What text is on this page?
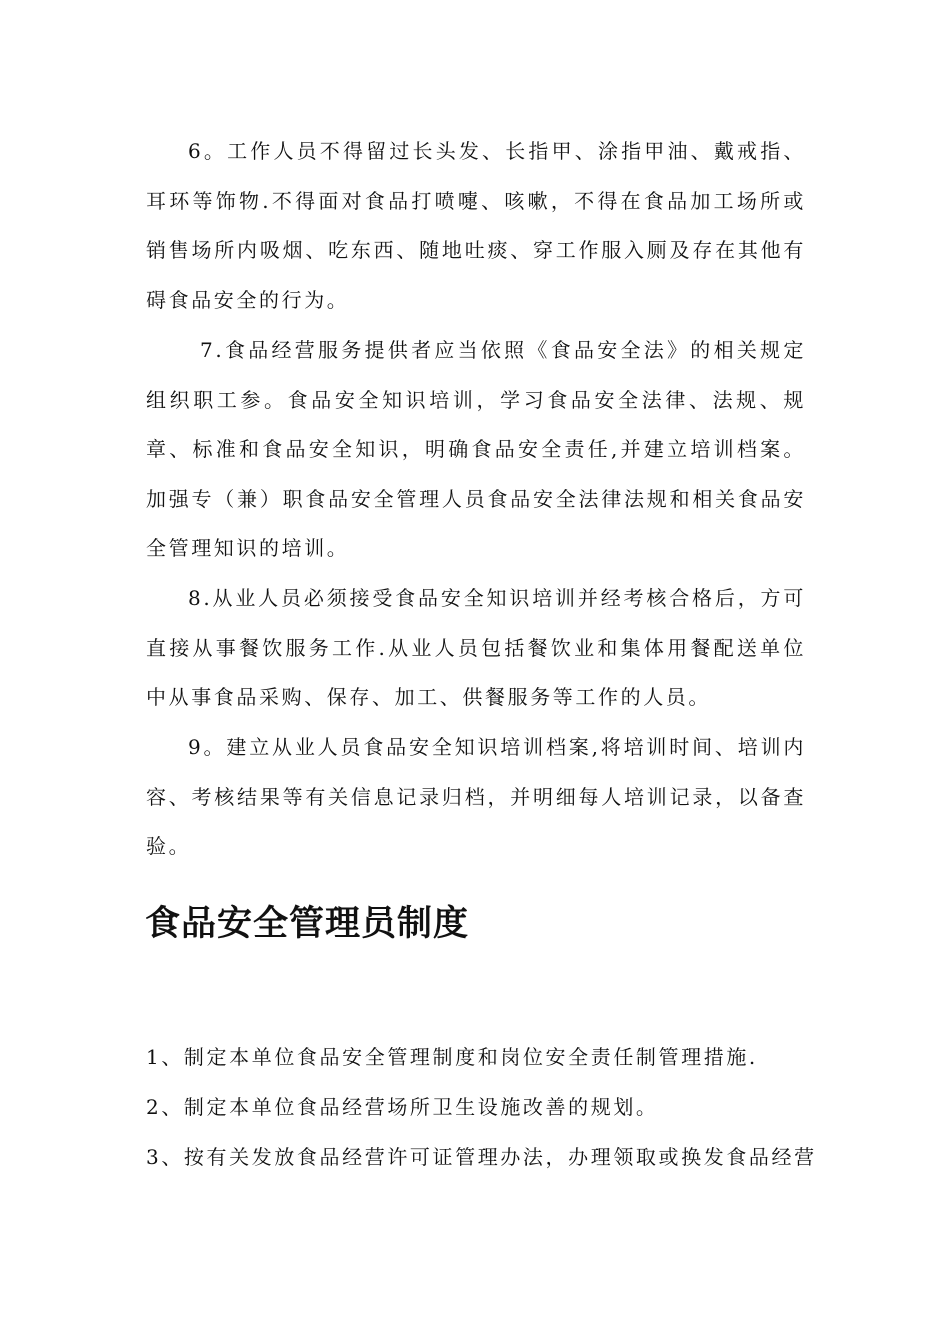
6。工作人员不得留过长头发、长指甲、涂指甲油、戴戒指、耳环等饰物.不得面对食品打喷嚏、咳嗽，不得在食品加工场所或销售场所内吸烟、吃东西、随地吐痰、穿工作服入厕及存在其他有碍食品安全的行为。

7.食品经营服务提供者应当依照《食品安全法》的相关规定组织职工参。食品安全知识培训，学习食品安全法律、法规、规章、标准和食品安全知识，明确食品安全责任,并建立培训档案。加强专（兼）职食品安全管理人员食品安全法律法规和相关食品安全管理知识的培训。

8.从业人员必须接受食品安全知识培训并经考核合格后，方可直接从事餐饮服务工作.从业人员包括餐饮业和集体用餐配送单位中从事食品采购、保存、加工、供餐服务等工作的人员。

9。建立从业人员食品安全知识培训档案,将培训时间、培训内容、考核结果等有关信息记录归档，并明细每人培训记录，以备查验。

食品安全管理员制度

1、制定本单位食品安全管理制度和岗位安全责任制管理措施.

2、制定本单位食品经营场所卫生设施改善的规划。

3、按有关发放食品经营许可证管理办法，办理领取或换发食品经营
